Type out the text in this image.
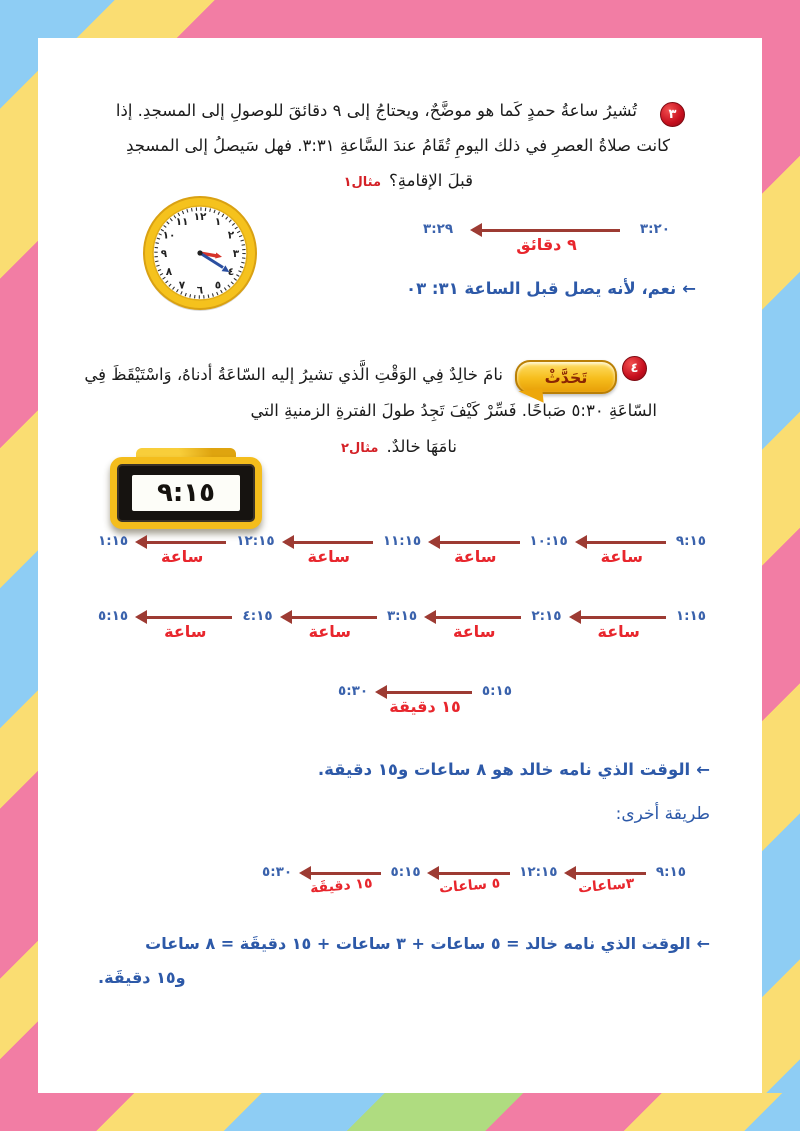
٣
تُشيرُ ساعةُ حمدٍ كَما هو موضَّحٌ، ويحتاجُ إلى ٩ دقائقَ للوصولِ إلى المسجدِ. إذا
كانت صلاةُ العصرِ في ذلك اليومِ تُقَامُ عندَ السَّاعةِ ٣:٣١. فهل سَيصلُ إلى المسجدِ
قبلَ الإقامةِ؟مثال١
١٢ ١
٢
٣
٤
٥
٦
٧
٨
٩
١٠
١١	٣:٢٠
٩ دقائق
٣:٢٩
←نعم، لأنه يصل قبل الساعة ٣١: ٠٣
٤
تَحَدَّثْ
نامَ خالِدٌ فِي الوَقْتِ الَّذي تشيرُ إليه السّاعَةُ أدناهُ، وَاسْتَيْقَظَ فِي
السّاعَةِ ٥:٣٠ صَباحًا. فَسِّرْ كَيْفَ تَجِدُ طولَ الفترةِ الزمنيةِ التي
نامَهَا خالدٌ.مثال٢
٩:١٥
٩:١٥
ساعة
١٠:١٥
ساعة
١١:١٥
ساعة
١٢:١٥
ساعة
١:١٥
١:١٥
ساعة
٢:١٥
ساعة
٣:١٥
ساعة
٤:١٥
ساعة
٥:١٥
٥:١٥
١٥ دقيقة
٥:٣٠
←الوقت الذي نامه خالد هو ٨ ساعات و١٥ دقيقة.
طريقة أخرى:
٩:١٥
٣ساعات
١٢:١٥
٥ ساعات
٥:١٥
١٥ دقيقَة
٥:٣٠
←الوقت الذي نامه خالد = ٥ ساعات + ٣ ساعات + ١٥ دقيقَة = ٨ ساعات
و١٥ دقيقَة.
